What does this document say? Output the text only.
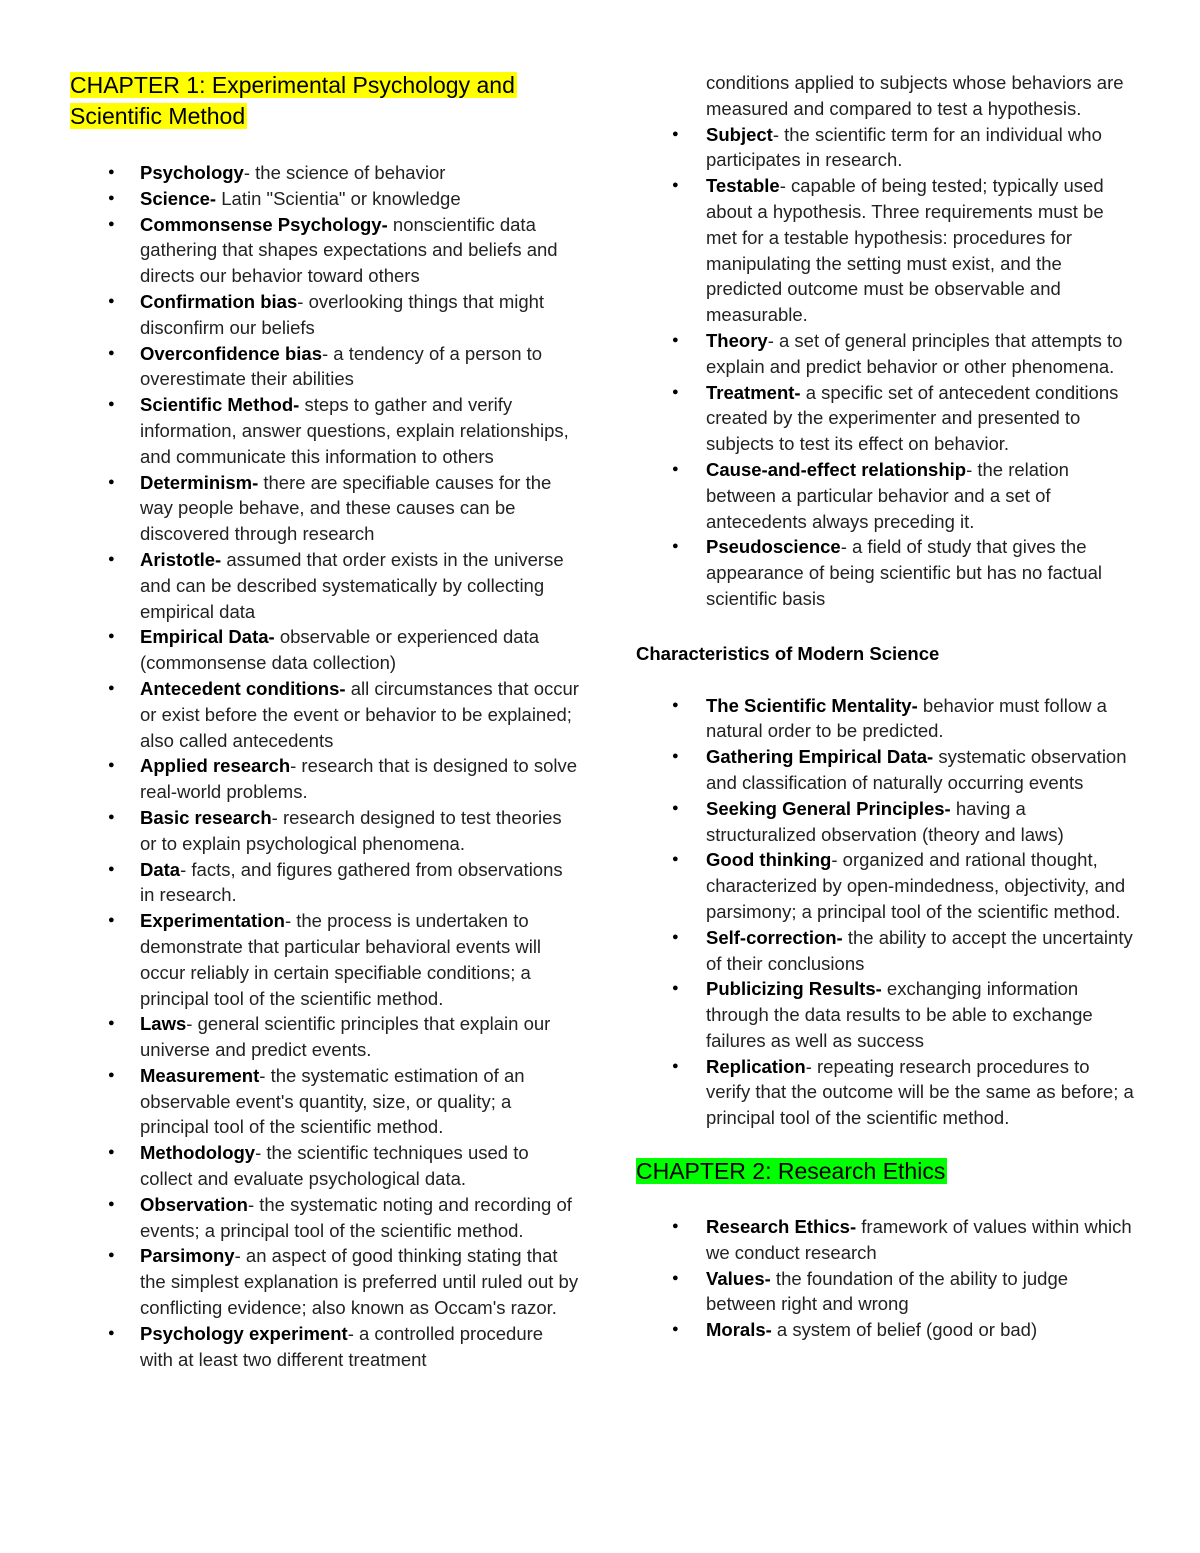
CHAPTER 1: Experimental Psychology and
Scientific Method
● Psychology- the science of behavior
● Science- Latin "Scientia" or knowledge
● Commonsense Psychology- nonscientific data gathering that shapes expectations and beliefs and directs our behavior toward others
● Confirmation bias- overlooking things that might disconfirm our beliefs
● Overconfidence bias- a tendency of a person to overestimate their abilities
● Scientific Method- steps to gather and verify information, answer questions, explain relationships, and communicate this information to others
● Determinism- there are specifiable causes for the way people behave, and these causes can be discovered through research
● Aristotle- assumed that order exists in the universe and can be described systematically by collecting empirical data
● Empirical Data- observable or experienced data (commonsense data collection)
● Antecedent conditions- all circumstances that occur or exist before the event or behavior to be explained; also called antecedents
● Applied research- research that is designed to solve real-world problems.
● Basic research- research designed to test theories or to explain psychological phenomena.
● Data- facts, and figures gathered from observations in research.
● Experimentation- the process is undertaken to demonstrate that particular behavioral events will occur reliably in certain specifiable conditions; a principal tool of the scientific method.
● Laws- general scientific principles that explain our universe and predict events.
● Measurement- the systematic estimation of an observable event's quantity, size, or quality; a principal tool of the scientific method.
● Methodology- the scientific techniques used to collect and evaluate psychological data.
● Observation- the systematic noting and recording of events; a principal tool of the scientific method.
● Parsimony- an aspect of good thinking stating that the simplest explanation is preferred until ruled out by conflicting evidence; also known as Occam's razor.
● Psychology experiment- a controlled procedure with at least two different treatment
conditions applied to subjects whose behaviors are measured and compared to test a hypothesis.
● Subject- the scientific term for an individual who participates in research.
● Testable- capable of being tested; typically used about a hypothesis. Three requirements must be met for a testable hypothesis: procedures for manipulating the setting must exist, and the predicted outcome must be observable and measurable.
● Theory- a set of general principles that attempts to explain and predict behavior or other phenomena.
● Treatment- a specific set of antecedent conditions created by the experimenter and presented to subjects to test its effect on behavior.
● Cause-and-effect relationship- the relation between a particular behavior and a set of antecedents always preceding it.
● Pseudoscience- a field of study that gives the appearance of being scientific but has no factual scientific basis
Characteristics of Modern Science
● The Scientific Mentality- behavior must follow a natural order to be predicted.
● Gathering Empirical Data- systematic observation and classification of naturally occurring events
● Seeking General Principles- having a structuralized observation (theory and laws)
● Good thinking- organized and rational thought, characterized by open-mindedness, objectivity, and parsimony; a principal tool of the scientific method.
● Self-correction- the ability to accept the uncertainty of their conclusions
● Publicizing Results- exchanging information through the data results to be able to exchange failures as well as success
● Replication- repeating research procedures to verify that the outcome will be the same as before; a principal tool of the scientific method.
CHAPTER 2: Research Ethics
● Research Ethics- framework of values within which we conduct research
● Values- the foundation of the ability to judge between right and wrong
● Morals- a system of belief (good or bad)
